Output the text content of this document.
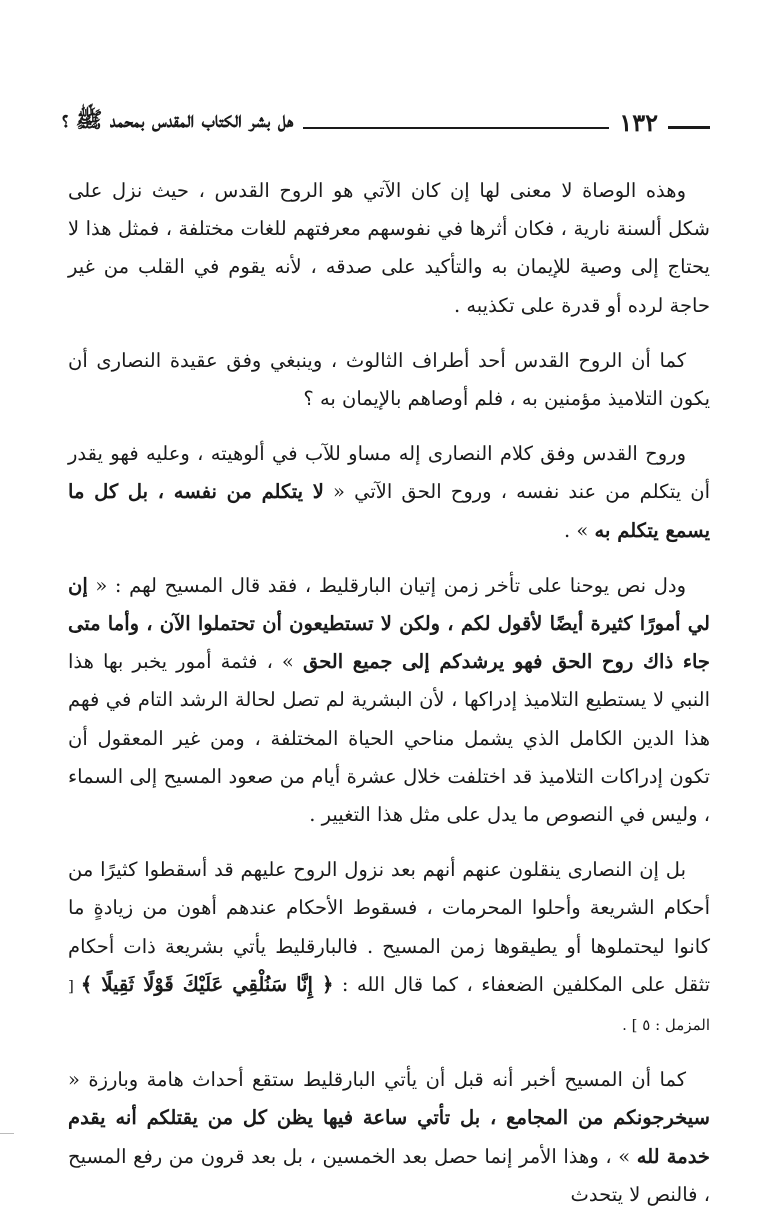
١٣٢
هل بشر الكتاب المقدس بمحمد ﷺ ؟

وهذه الوصاة لا معنى لها إن كان الآتي هو الروح القدس ، حيث نزل على شكل ألسنة نارية ، فكان أثرها في نفوسهم معرفتهم للغات مختلفة ، فمثل هذا لا يحتاج إلى وصية للإيمان به والتأكيد على صدقه ، لأنه يقوم في القلب من غير حاجة لرده أو قدرة على تكذيبه .

كما أن الروح القدس أحد أطراف الثالوث ، وينبغي وفق عقيدة النصارى أن يكون التلاميذ مؤمنين به ، فلم أوصاهم بالإيمان به ؟

وروح القدس وفق كلام النصارى إله مساو للآب في ألوهيته ، وعليه فهو يقدر أن يتكلم من عند نفسه ، وروح الحق الآتي « لا يتكلم من نفسه ، بل كل ما يسمع يتكلم به » .

ودل نص يوحنا على تأخر زمن إتيان البارقليط ، فقد قال المسيح لهم : « إن لي أمورًا كثيرة أيضًا لأقول لكم ، ولكن لا تستطيعون أن تحتملوا الآن ، وأما متى جاء ذاك روح الحق فهو يرشدكم إلى جميع الحق » ، فثمة أمور يخبر بها هذا النبي لا يستطيع التلاميذ إدراكها ، لأن البشرية لم تصل لحالة الرشد التام في فهم هذا الدين الكامل الذي يشمل مناحي الحياة المختلفة ، ومن غير المعقول أن تكون إدراكات التلاميذ قد اختلفت خلال عشرة أيام من صعود المسيح إلى السماء ، وليس في النصوص ما يدل على مثل هذا التغيير .

بل إن النصارى ينقلون عنهم أنهم بعد نزول الروح عليهم قد أسقطوا كثيرًا من أحكام الشريعة وأحلوا المحرمات ، فسقوط الأحكام عندهم أهون من زيادةٍ ما كانوا ليحتملوها أو يطيقوها زمن المسيح . فالبارقليط يأتي بشريعة ذات أحكام تثقل على المكلفين الضعفاء ، كما قال الله : ﴿ إِنَّا سَنُلْقِي عَلَيْكَ قَوْلًا ثَقِيلًا ﴾ [ المزمل : ٥ ] .

كما أن المسيح أخبر أنه قبل أن يأتي البارقليط ستقع أحداث هامة وبارزة « سيخرجونكم من المجامع ، بل تأتي ساعة فيها يظن كل من يقتلكم أنه يقدم خدمة لله » ، وهذا الأمر إنما حصل بعد الخمسين ، بل بعد قرون من رفع المسيح ، فالنص لا يتحدث
